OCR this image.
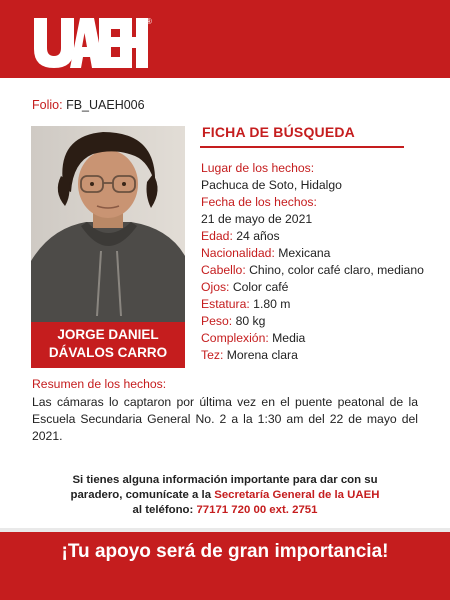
®
Folio: FB_UAEH006
JORGE DANIEL
DÁVALOS CARRO
FICHA DE BÚSQUEDA
Lugar de los hechos:
Pachuca de Soto, Hidalgo
Fecha de los hechos:
21 de mayo de 2021
Edad: 24 años
Nacionalidad: Mexicana
Cabello: Chino, color café claro, mediano
Ojos: Color café
Estatura: 1.80 m
Peso: 80 kg
Complexión: Media
Tez: Morena clara
Resumen de los hechos:
Las cámaras lo captaron por última vez en el puente peatonal de la Escuela Secundaria General No. 2 a la 1:30 am del 22 de mayo del 2021.
Si tienes alguna información importante para dar con su
paradero, comunícate a la Secretaría General de la UAEH
al teléfono: 77171 720 00 ext. 2751
¡Tu apoyo será de gran importancia!
